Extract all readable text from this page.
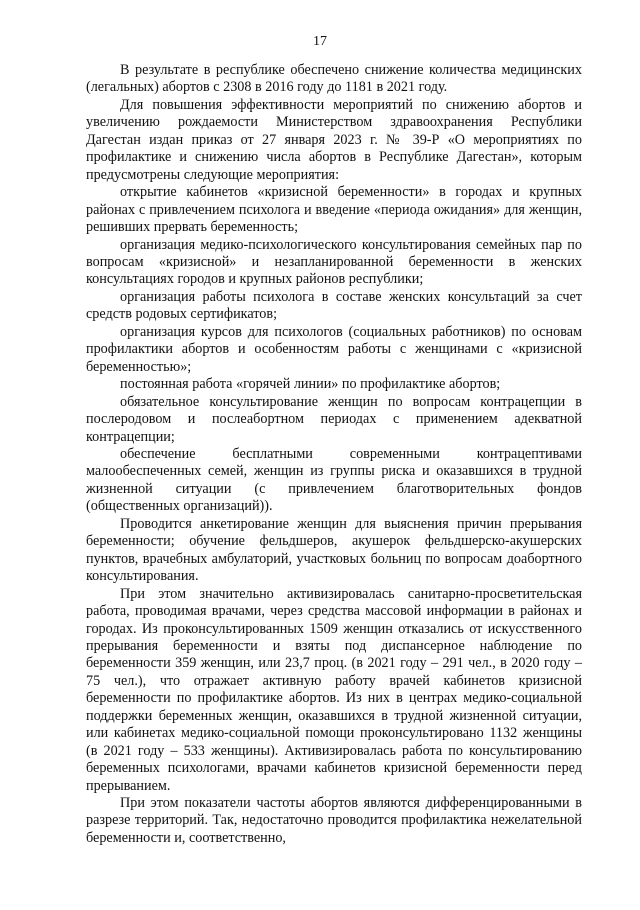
17

В результате в республике обеспечено снижение количества медицинских (легальных) абортов с 2308 в 2016 году до 1181 в 2021 году.

Для повышения эффективности мероприятий по снижению абортов и увеличению рождаемости Министерством здравоохранения Республики Дагестан издан приказ от 27 января 2023 г. № 39-Р «О мероприятиях по профилактике и снижению числа абортов в Республике Дагестан», которым предусмотрены следующие мероприятия:

открытие кабинетов «кризисной беременности» в городах и крупных районах с привлечением психолога и введение «периода ожидания» для женщин, решивших прервать беременность;

организация медико-психологического консультирования семейных пар по вопросам «кризисной» и незапланированной беременности в женских консультациях городов и крупных районов республики;

организация работы психолога в составе женских консультаций за счет средств родовых сертификатов;

организация курсов для психологов (социальных работников) по основам профилактики абортов и особенностям работы с женщинами с «кризисной беременностью»;

постоянная работа «горячей линии» по профилактике абортов;

обязательное консультирование женщин по вопросам контрацепции в послеродовом и послеабортном периодах с применением адекватной контрацепции;

обеспечение бесплатными современными контрацептивами малообеспеченных семей, женщин из группы риска и оказавшихся в трудной жизненной ситуации (с привлечением благотворительных фондов (общественных организаций)).

Проводится анкетирование женщин для выяснения причин прерывания беременности; обучение фельдшеров, акушерок фельдшерско-акушерских пунктов, врачебных амбулаторий, участковых больниц по вопросам доабортного консультирования.

При этом значительно активизировалась санитарно-просветительская работа, проводимая врачами, через средства массовой информации в районах и городах. Из проконсультированных 1509 женщин отказались от искусственного прерывания беременности и взяты под диспансерное наблюдение по беременности 359 женщин, или 23,7 проц. (в 2021 году – 291 чел., в 2020 году – 75 чел.), что отражает активную работу врачей кабинетов кризисной беременности по профилактике абортов. Из них в центрах медико-социальной поддержки беременных женщин, оказавшихся в трудной жизненной ситуации, или кабинетах медико-социальной помощи проконсультировано 1132 женщины (в 2021 году – 533 женщины). Активизировалась работа по консультированию беременных психологами, врачами кабинетов кризисной беременности перед прерыванием.

При этом показатели частоты абортов являются дифференцированными в разрезе территорий. Так, недостаточно проводится профилактика нежелательной беременности и, соответственно,
